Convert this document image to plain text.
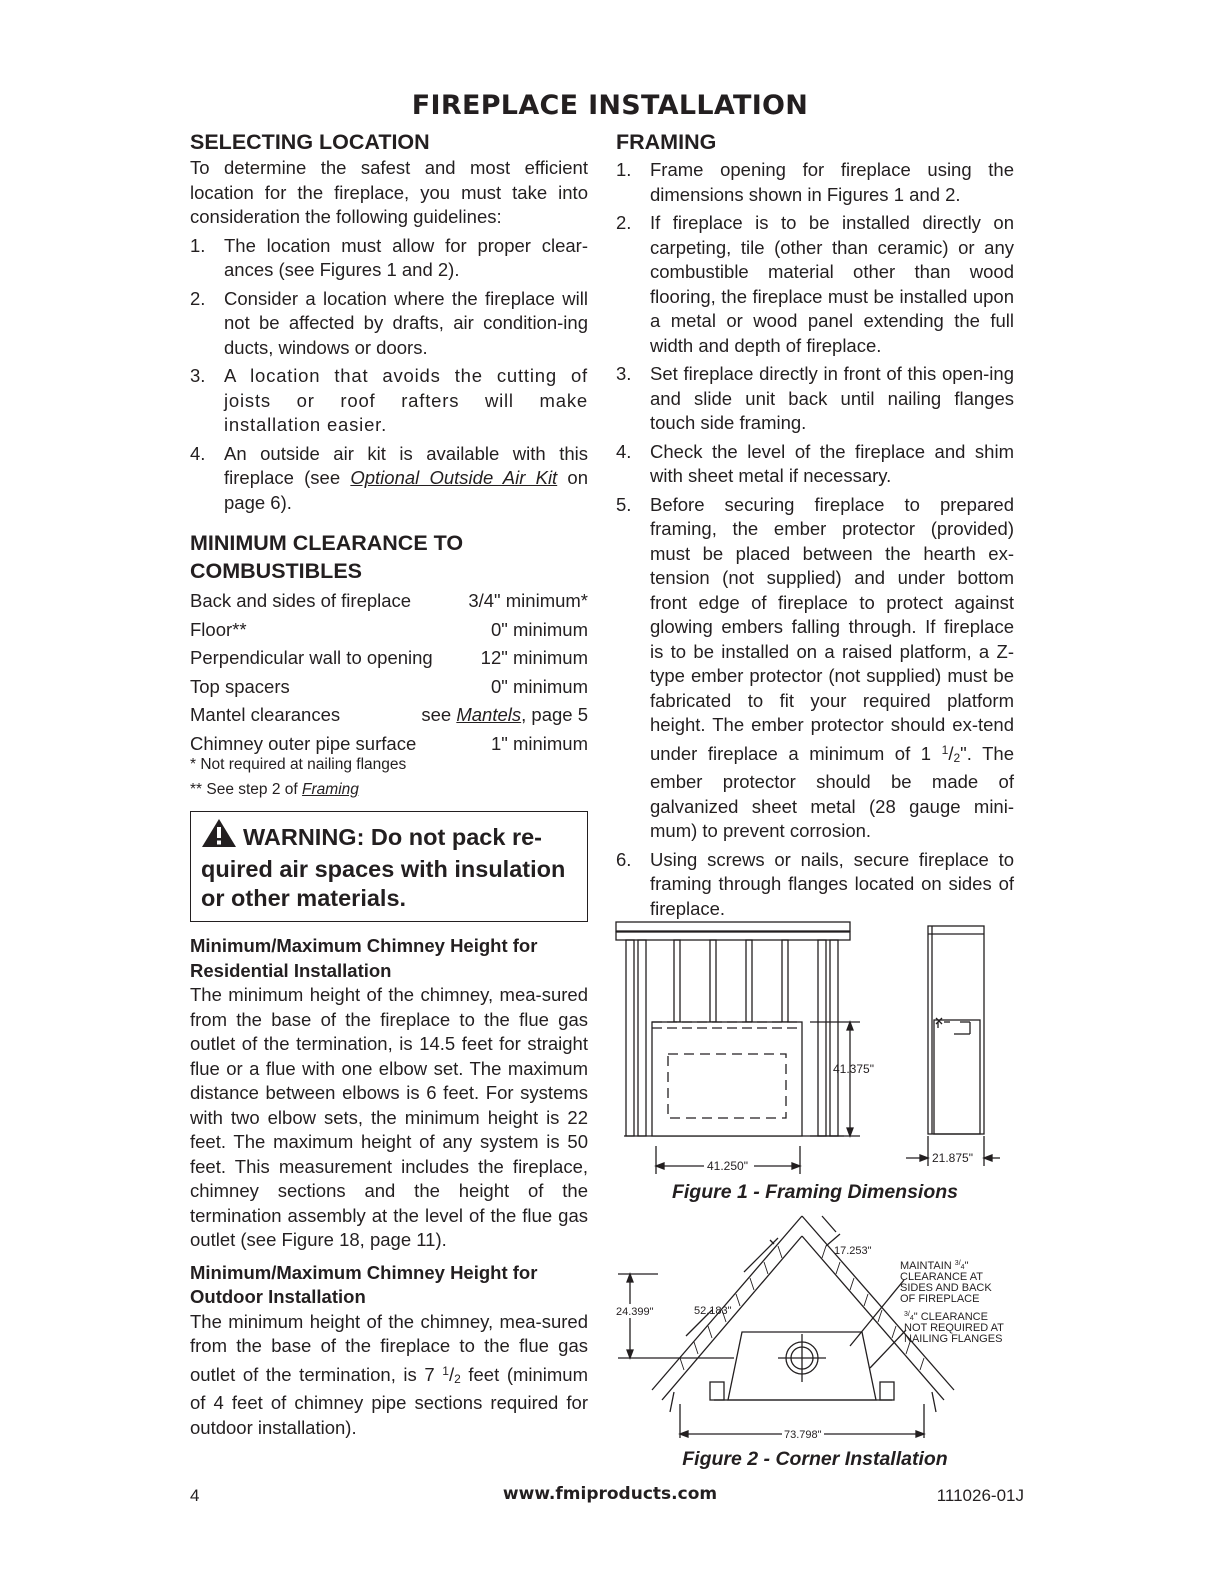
FIREPLACE INSTALLATION
SELECTING LOCATION

To determine the safest and most efficient location for the fireplace, you must take into consideration the following guidelines:

1. The location must allow for proper clear-ances (see Figures 1 and 2).
2. Consider a location where the fireplace will not be affected by drafts, air condition-ing ducts, windows or doors.
3. A location that avoids the cutting of joists or roof rafters will make installation easier.
4. An outside air kit is available with this fireplace (see Optional Outside Air Kit on page 6).
MINIMUM CLEARANCE TO
COMBUSTIBLES
Back and sides of fireplace	3/4" minimum*
Floor**	0" minimum
Perpendicular wall to opening	12" minimum
Top spacers	0" minimum
Mantel clearances	see Mantels, page 5
Chimney outer pipe surface	1" minimum
* Not required at nailing flanges
** See step 2 of Framing
WARNING: Do not pack re-quired air spaces with insulation or other materials.
Minimum/Maximum Chimney Height for Residential Installation

The minimum height of the chimney, mea-sured from the base of the fireplace to the flue gas outlet of the termination, is 14.5 feet for straight flue or a flue with one elbow set. The maximum distance between elbows is 6 feet. For systems with two elbow sets, the minimum height is 22 feet. The maximum height of any system is 50 feet. This measurement includes the fireplace, chimney sections and the height of the termination assembly at the level of the flue gas outlet (see Figure 18, page 11).

Minimum/Maximum Chimney Height for Outdoor Installation

The minimum height of the chimney, mea-sured from the base of the fireplace to the flue gas outlet of the termination, is 7 $^1$/2 feet (minimum of 4 feet of chimney pipe sections required for outdoor installation).

FRAMING
1. Frame opening for fireplace using the dimensions shown in Figures 1 and 2.
2. If fireplace is to be installed directly on carpeting, tile (other than ceramic) or any combustible material other than wood flooring, the fireplace must be installed upon a metal or wood panel extending the full width and depth of fireplace.
3. Set fireplace directly in front of this open-ing and slide unit back until nailing flanges touch side framing.
4. Check the level of the fireplace and shim with sheet metal if necessary.
5. Before securing fireplace to prepared framing, the ember protector (provided) must be placed between the hearth ex-tension (not supplied) and under bottom front edge of fireplace to protect against glowing embers falling through. If fireplace is to be installed on a raised platform, a Z-type ember protector (not supplied) must be fabricated to fit your required platform height. The ember protector should ex-tend under fireplace a minimum of 1 $^1$/2". The ember protector should be made of galvanized sheet metal (28 gauge mini-mum) to prevent corrosion.
6. Using screws or nails, secure fireplace to framing through flanges located on sides of fireplace.
41.375"
41.250"
21.875"
Figure 1 - Framing Dimensions
17.253"
52.183"
24.399"
73.798"
MAINTAIN $^3/_4$"
CLEARANCE AT
SIDES AND BACK
OF FIREPLACE
$^3/_4$" CLEARANCE
NOT REQUIRED AT
NAILING FLANGES
Figure 2 - Corner Installation
4	www.fmiproducts.com	111026-01J
